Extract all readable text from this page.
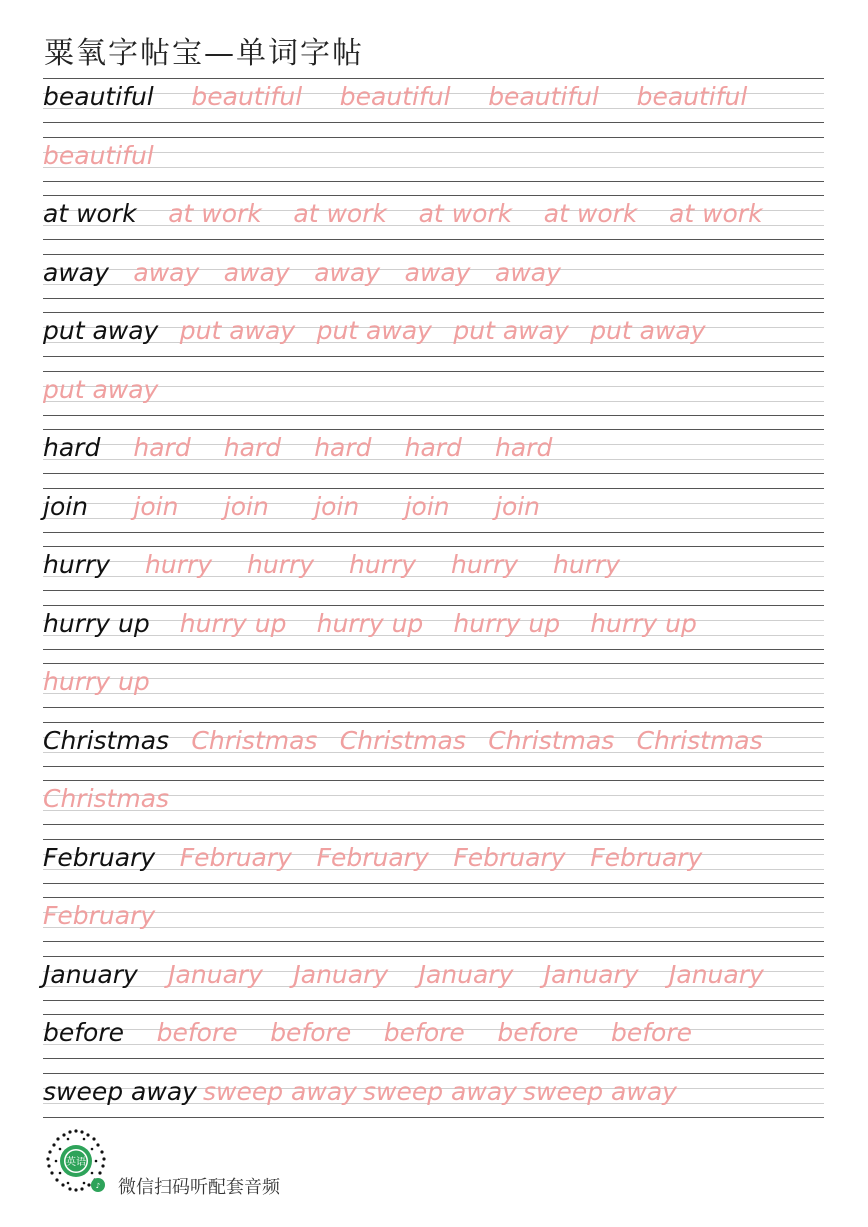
粟氧字帖宝—单词字帖
beautiful beautiful beautiful beautiful beautiful
beautiful
at work at work at work at work at work at work
away away away away away away
put away put away put away put away put away
put away
hard hard hard hard hard hard
join join join join join join
hurry hurry hurry hurry hurry hurry
hurry up hurry up hurry up hurry up hurry up
hurry up
Christmas Christmas Christmas Christmas Christmas
Christmas
February February February February February
February
January January January January January January
before before before before before before
sweep away sweep away sweep away sweep away
英语
♪ 微信扫码听配套音频
